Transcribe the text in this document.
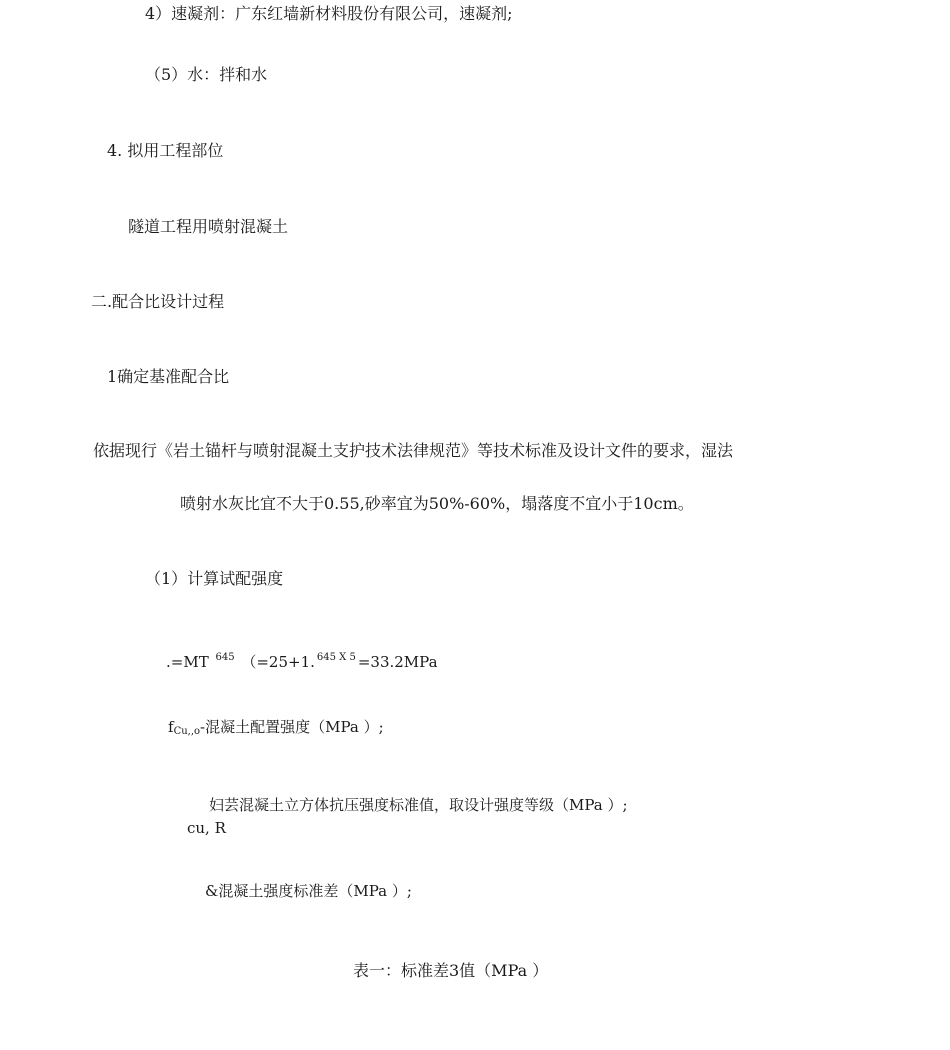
4）速凝剂：广东红墙新材料股份有限公司，速凝剂;
（5）水：拌和水
4. 拟用工程部位
隧道工程用喷射混凝土
二.配合比设计过程
1确定基准配合比
依据现行《岩土锚杆与喷射混凝土支护技术法律规范》等技术标准及设计文件的要求，湿法
喷射水灰比宜不大于0.55,砂率宜为50%-60%，塌落度不宜小于10cm。
（1）计算试配强度
.=MT $^{645}$ （=25+1. $^{645 X 5}$ =33.2MPa
$f_{Cu,,o}-$混凝土配置强度（MPa ）;
妇芸混凝土立方体抗压强度标准值，取设计强度等级（MPa ）;
cu, R
&混凝土强度标准差（MPa ）;
表一：标准差3值（MPa ）
